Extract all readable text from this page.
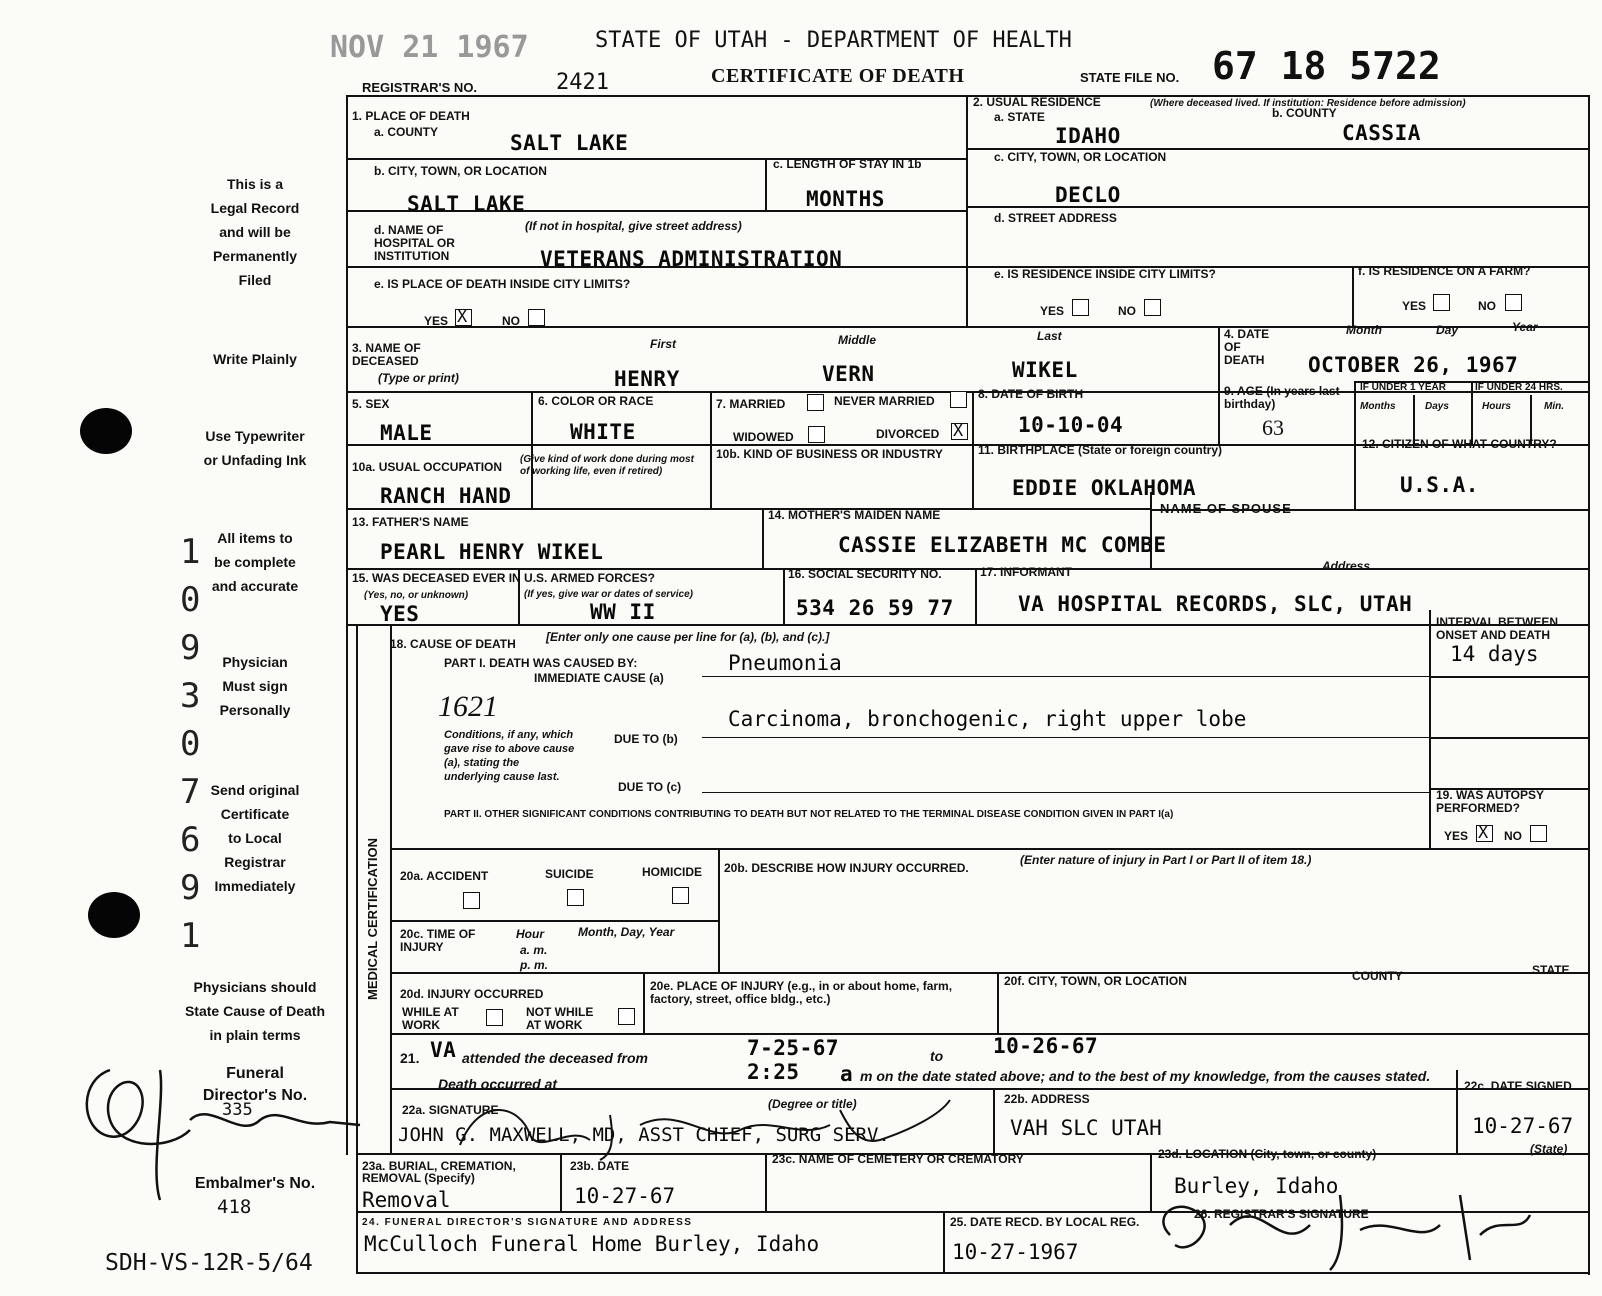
NOV 21 1967	STATE OF UTAH - DEPARTMENT OF HEALTH
REGISTRAR'S NO.	2421	CERTIFICATE OF DEATH	STATE FILE NO. 67 18 5722
This is a
Legal Record
and will be
Permanently
Filed
Write Plainly
Use Typewriter
or Unfading Ink
All items to
be complete
and accurate
Physician
Must sign
Personally
Send original
Certificate
to Local
Registrar
Immediately
Physicians should
State Cause of Death
in plain terms
Funeral
Director's No.
335
Embalmer's No.
418
SDH-VS-12R-5/64
1 0 9 3 0 7 6 9 1
1. PLACE OF DEATH
a. COUNTY	SALT LAKE
b. CITY, TOWN, OR LOCATION
SALT LAKE
c. LENGTH OF STAY IN 1b
MONTHS
d. NAME OF HOSPITAL OR INSTITUTION
(If not in hospital, give street address)
VETERANS ADMINISTRATION
e. IS PLACE OF DEATH INSIDE CITY LIMITS?
YES X	NO
2. USUAL RESIDENCE	(Where deceased lived. If institution: Residence before admission)
a. STATE	b. COUNTY
IDAHO	CASSIA
c. CITY, TOWN, OR LOCATION
DECLO
d. STREET ADDRESS
e. IS RESIDENCE INSIDE CITY LIMITS?
YES	NO
f. IS RESIDENCE ON A FARM?
YES	NO
3. NAME OF DECEASED
(Type or print)
First	Middle	Last
HENRY	VERN	WIKEL
4. DATE OF DEATH
Month	Day	Year
OCTOBER 26, 1967
5. SEX
MALE
6. COLOR OR RACE
WHITE
7. MARRIED	NEVER MARRIED
WIDOWED	DIVORCED X
8. DATE OF BIRTH
10-10-04
9. AGE (In years last birthday)
63
IF UNDER 1 YEAR	IF UNDER 24 HRS.
Months	Days	Hours	Min.
10a. USUAL OCCUPATION
(Give kind of work done during most of working life, even if retired)
RANCH HAND
10b. KIND OF BUSINESS OR INDUSTRY	11. BIRTHPLACE (State or foreign country)
EDDIE OKLAHOMA
12. CITIZEN OF WHAT COUNTRY?
U.S.A.
NAME OF SPOUSE
13. FATHER'S NAME
PEARL HENRY WIKEL
14. MOTHER'S MAIDEN NAME
CASSIE ELIZABETH MC COMBE
15. WAS DECEASED EVER IN U.S. ARMED FORCES?
(Yes, no, or unknown)	(If yes, give war or dates of service)
YES	WW II
16. SOCIAL SECURITY NO.
534 26 59 77
17. INFORMANT	Address
VA HOSPITAL RECORDS, SLC, UTAH
18. CAUSE OF DEATH	[Enter only one cause per line for (a), (b), and (c).]
PART I. DEATH WAS CAUSED BY:
IMMEDIATE CAUSE (a)
Pneumonia
INTERVAL BETWEEN ONSET AND DEATH
14 days
1621
Conditions, if any, which gave rise to above cause (a), stating the underlying cause last.
DUE TO (b)
Carcinoma, bronchogenic, right upper lobe
DUE TO (c)
PART II. OTHER SIGNIFICANT CONDITIONS CONTRIBUTING TO DEATH BUT NOT RELATED TO THE TERMINAL DISEASE CONDITION GIVEN IN PART I(a)
19. WAS AUTOPSY PERFORMED?
YES X NO
MEDICAL CERTIFICATION 20a. ACCIDENT	SUICIDE	HOMICIDE 20b. DESCRIBE HOW INJURY OCCURRED.
(Enter nature of injury in Part I or Part II of item 18.)
20c. TIME OF INJURY
Hour
a. m.
p. m.
Month, Day, Year
20d. INJURY OCCURRED
WHILE AT WORK
NOT WHILE AT WORK
20e. PLACE OF INJURY (e.g., in or about home, farm, factory, street, office bldg., etc.)
20f. CITY, TOWN, OR LOCATION	COUNTY	STATE
21. VA attended the deceased from	7-25-67	to 10-26-67
Death occurred at	2:25 a m on the date stated above; and to the best of my knowledge, from the causes stated.
22a. SIGNATURE	(Degree or title)
JOHN G. MAXWELL, MD, ASST CHIEF, SURG SERV.
22b. ADDRESS
VAH SLC UTAH
22c. DATE SIGNED
10-27-67
23a. BURIAL, CREMATION, REMOVAL (Specify)
Removal
23b. DATE
10-27-67
23c. NAME OF CEMETERY OR CREMATORY	23d. LOCATION (City, town, or county)	(State)
Burley, Idaho
24. FUNERAL DIRECTOR'S SIGNATURE AND ADDRESS
McCulloch Funeral Home Burley, Idaho
25. DATE RECD. BY LOCAL REG.
10-27-1967
26. REGISTRAR'S SIGNATURE
